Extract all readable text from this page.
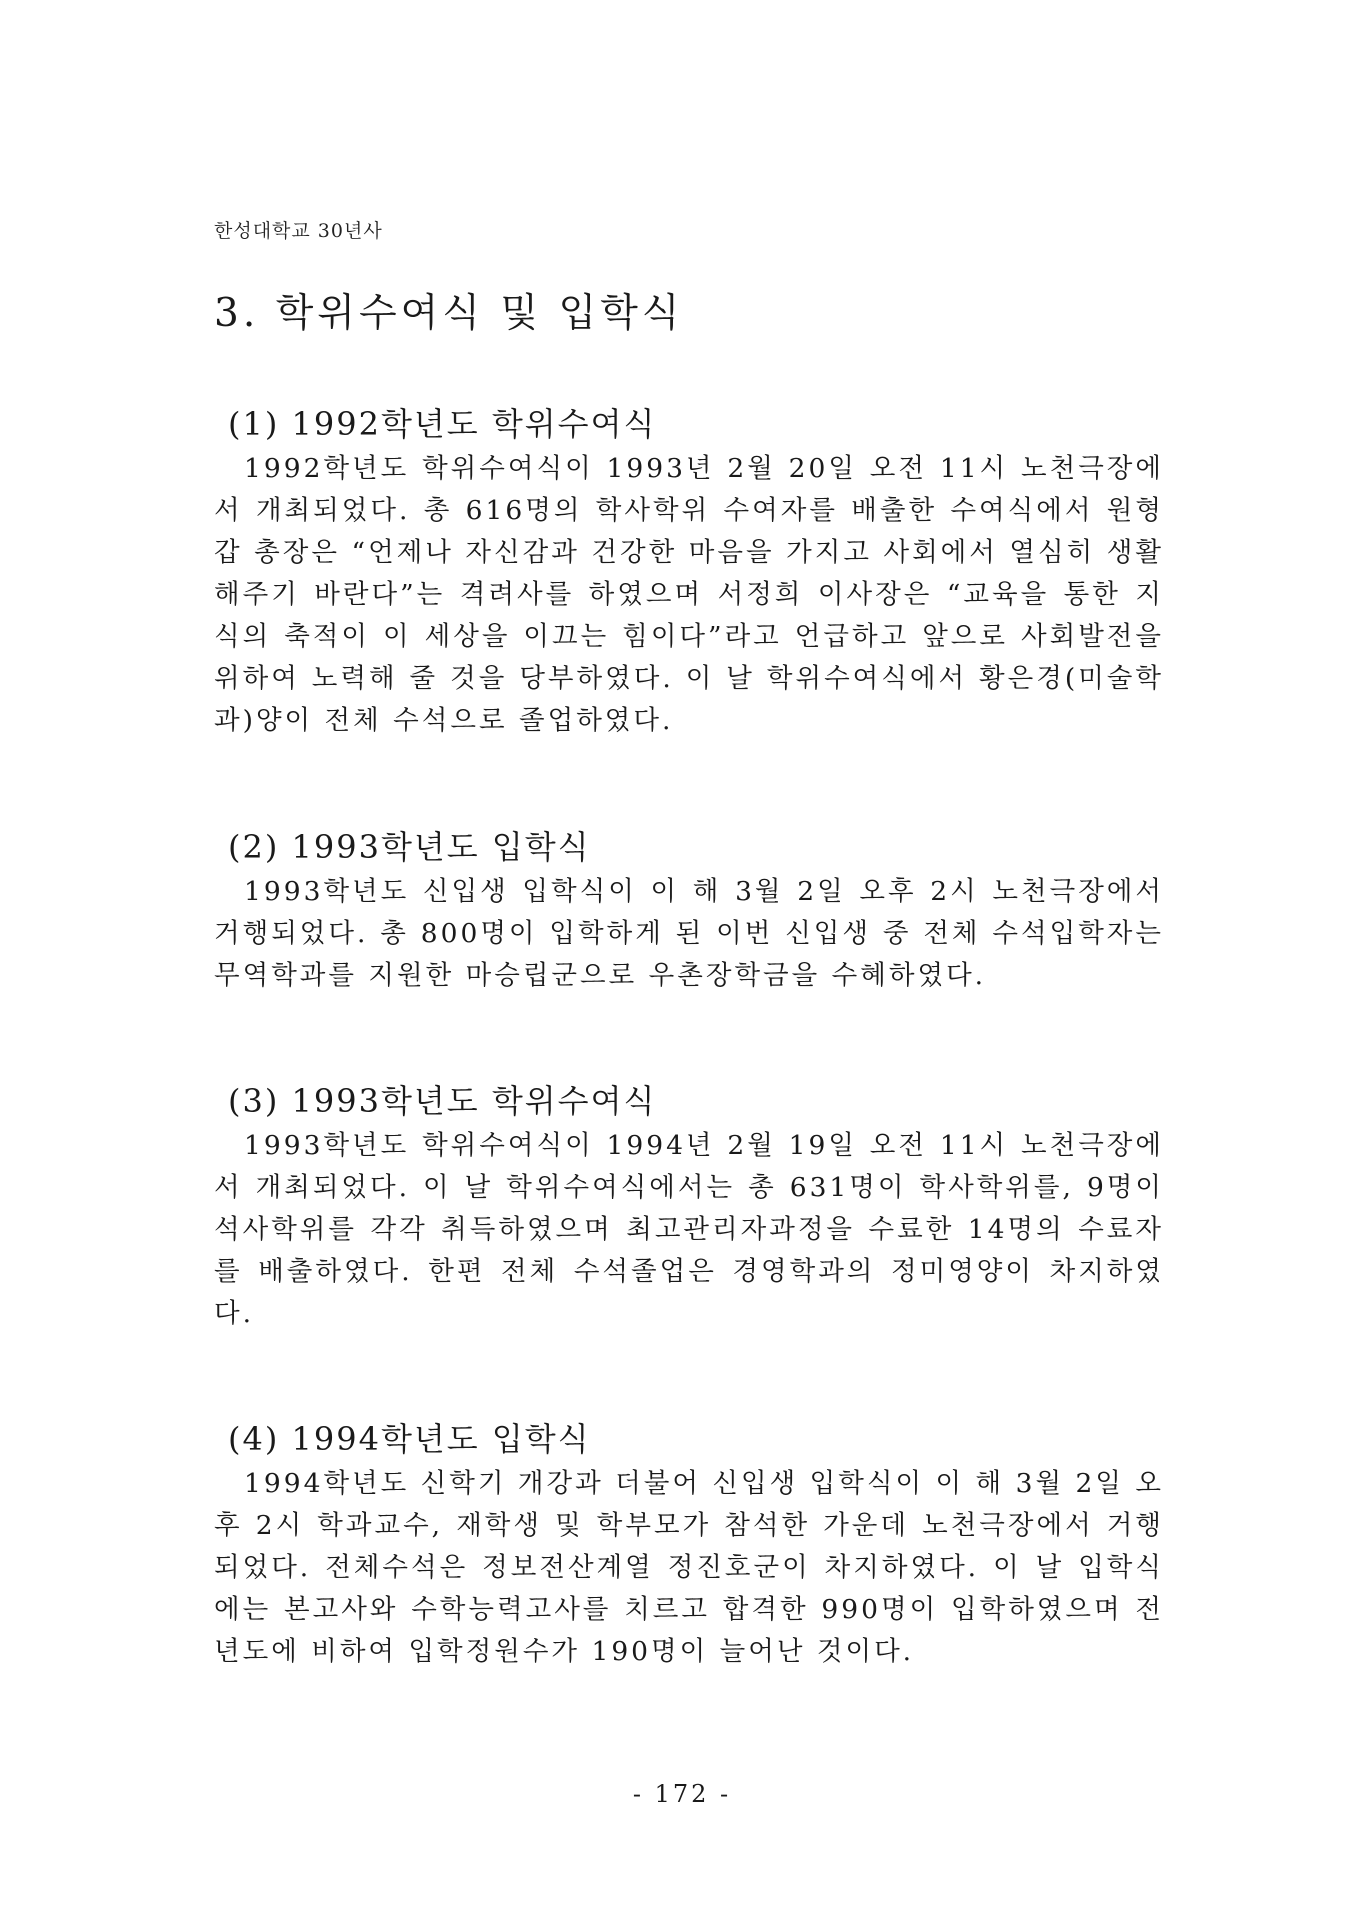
한성대학교 30년사
3. 학위수여식 및 입학식
(1) 1992학년도 학위수여식

1992학년도 학위수여식이 1993년 2월 20일 오전 11시 노천극장에서 개최되었다. 총 616명의 학사학위 수여자를 배출한 수여식에서 원형갑 총장은 “언제나 자신감과 건강한 마음을 가지고 사회에서 열심히 생활해주기 바란다”는 격려사를 하였으며 서정희 이사장은 “교육을 통한 지식의 축적이 이 세상을 이끄는 힘이다”라고 언급하고 앞으로 사회발전을 위하여 노력해 줄 것을 당부하였다. 이 날 학위수여식에서 황은경(미술학과)양이 전체 수석으로 졸업하였다.

(2) 1993학년도 입학식

1993학년도 신입생 입학식이 이 해 3월 2일 오후 2시 노천극장에서 거행되었다. 총 800명이 입학하게 된 이번 신입생 중 전체 수석입학자는 무역학과를 지원한 마승립군으로 우촌장학금을 수혜하였다.

(3) 1993학년도 학위수여식

1993학년도 학위수여식이 1994년 2월 19일 오전 11시 노천극장에서 개최되었다. 이 날 학위수여식에서는 총 631명이 학사학위를, 9명이 석사학위를 각각 취득하였으며 최고관리자과정을 수료한 14명의 수료자를 배출하였다. 한편 전체 수석졸업은 경영학과의 정미영양이 차지하였다.

(4) 1994학년도 입학식

1994학년도 신학기 개강과 더불어 신입생 입학식이 이 해 3월 2일 오후 2시 학과교수, 재학생 및 학부모가 참석한 가운데 노천극장에서 거행되었다. 전체수석은 정보전산계열 정진호군이 차지하였다. 이 날 입학식에는 본고사와 수학능력고사를 치르고 합격한 990명이 입학하였으며 전년도에 비하여 입학정원수가 190명이 늘어난 것이다.

- 172 -
